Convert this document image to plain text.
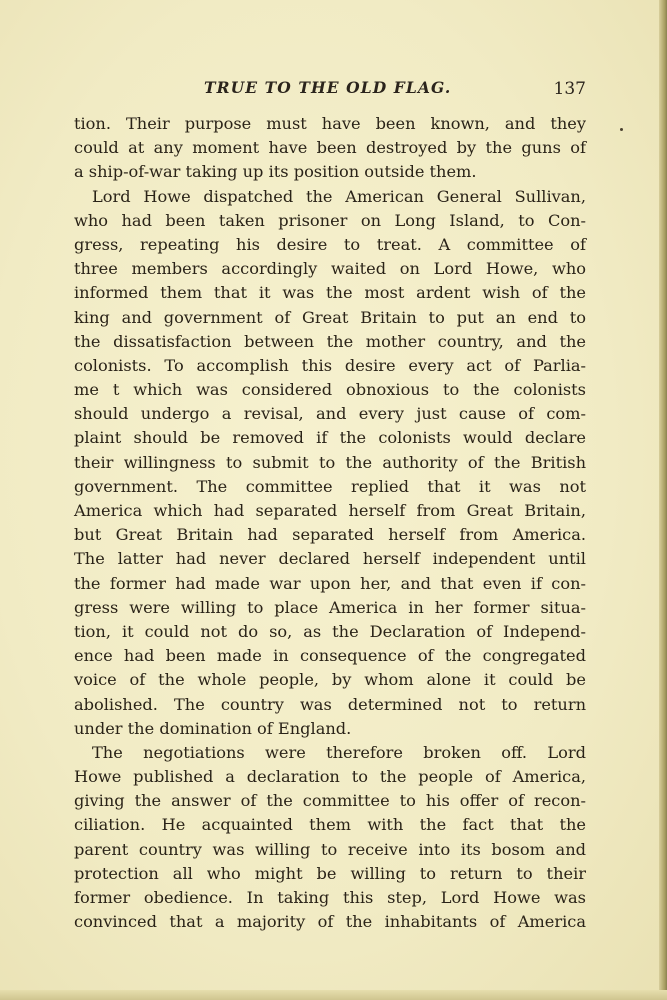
TRUE TO THE OLD FLAG.	137
tion. Their purpose must have been known, and they
could at any moment have been destroyed by the guns of
a ship-of-war taking up its position outside them.
Lord Howe dispatched the American General Sullivan,
who had been taken prisoner on Long Island, to Con-
gress, repeating his desire to treat. A committee of
three members accordingly waited on Lord Howe, who
informed them that it was the most ardent wish of the
king and government of Great Britain to put an end to
the dissatisfaction between the mother country, and the
colonists. To accomplish this desire every act of Parlia-
me t which was considered obnoxious to the colonists
should undergo a revisal, and every just cause of com-
plaint should be removed if the colonists would declare
their willingness to submit to the authority of the British
government. The committee replied that it was not
America which had separated herself from Great Britain,
but Great Britain had separated herself from America.
The latter had never declared herself independent until
the former had made war upon her, and that even if con-
gress were willing to place America in her former situa-
tion, it could not do so, as the Declaration of Independ-
ence had been made in consequence of the congregated
voice of the whole people, by whom alone it could be
abolished. The country was determined not to return
under the domination of England.
The negotiations were therefore broken off. Lord
Howe published a declaration to the people of America,
giving the answer of the committee to his offer of recon-
ciliation. He acquainted them with the fact that the
parent country was willing to receive into its bosom and
protection all who might be willing to return to their
former obedience. In taking this step, Lord Howe was
convinced that a majority of the inhabitants of America
